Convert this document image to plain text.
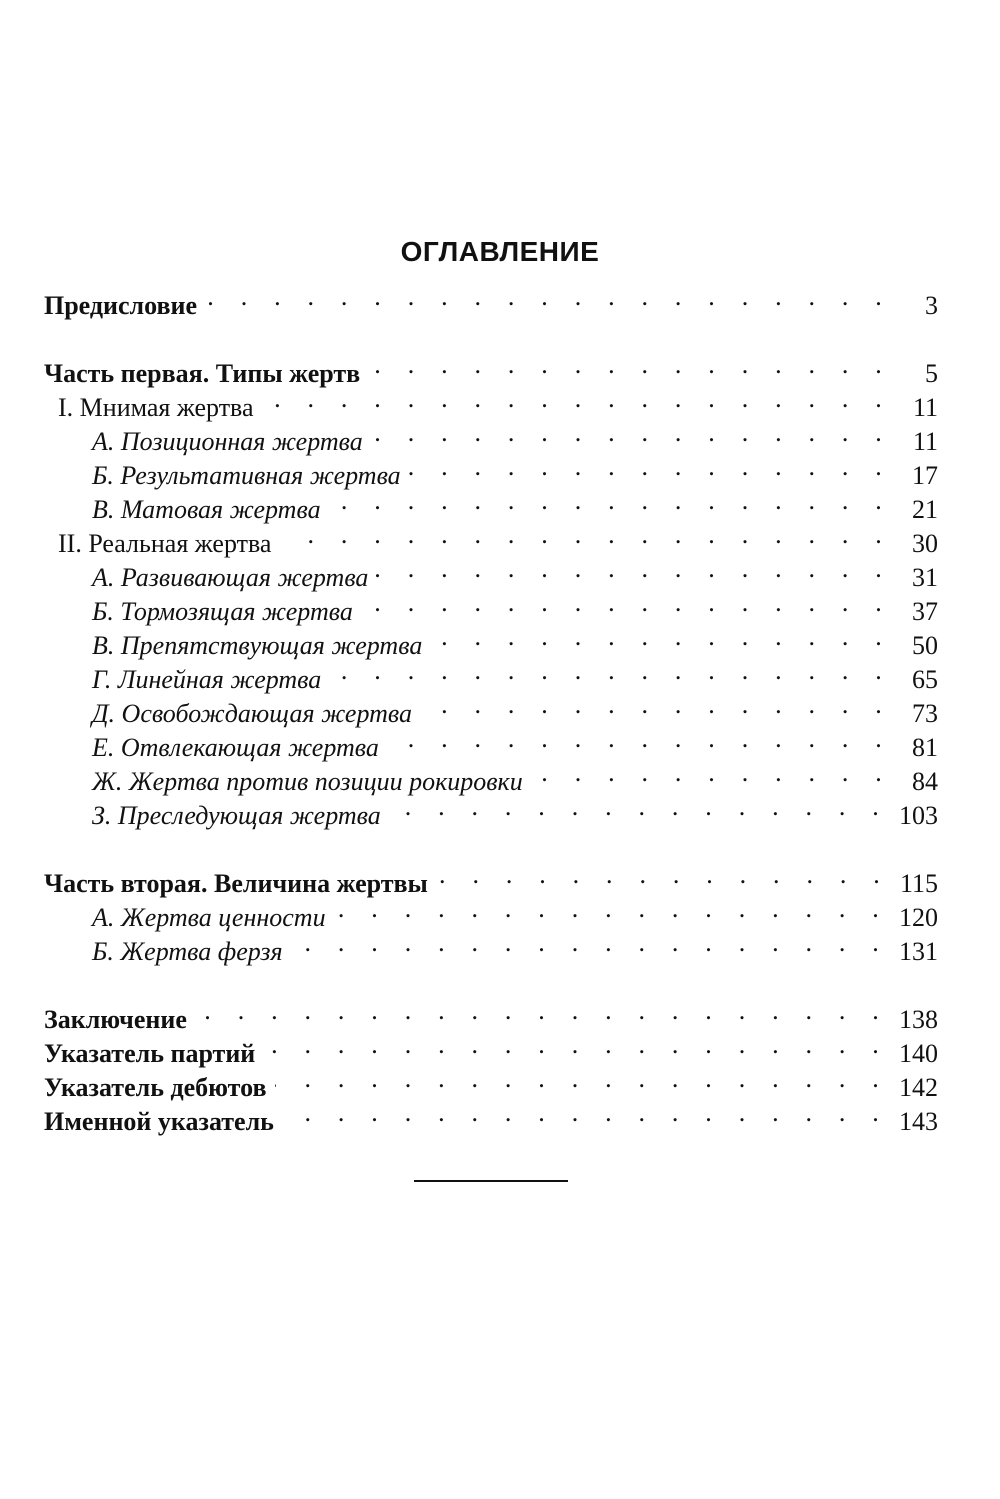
ОГЛАВЛЕНИЕ
Предисловие . . .	3
Часть первая. Типы жертв . . .	5
I. Мнимая жертва . . .	11
А. Позиционная жертва . . .	11
Б. Результативная жертва . . .	17
В. Матовая жертва . . .	21
II. Реальная жертва . . .	30
А. Развивающая жертва . . .	31
Б. Тормозящая жертва . . .	37
В. Препятствующая жертва . . .	50
Г. Линейная жертва . . .	65
Д. Освобождающая жертва . . .	73
Е. Отвлекающая жертва . . .	81
Ж. Жертва против позиции рокировки . . .	84
З. Преследующая жертва . . .	103
Часть вторая. Величина жертвы . . .	115
А. Жертва ценности . . .	120
Б. Жертва ферзя . . .	131
Заключение . . .	138
Указатель партий . . .	140
Указатель дебютов . . .	142
Именной указатель . . .	143
